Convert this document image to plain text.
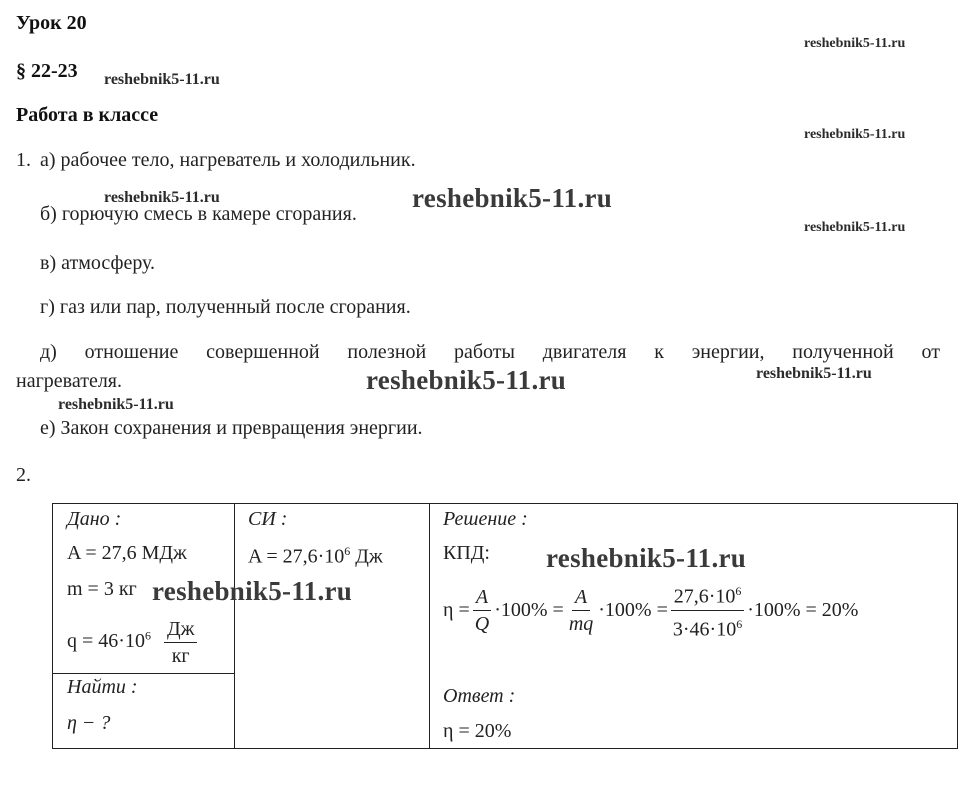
Урок 20
§ 22-23
Работа в классе
reshebnik5-11.ru
reshebnik5-11.ru
reshebnik5-11.ru
reshebnik5-11.ru	reshebnik5-11.ru
reshebnik5-11.ru
reshebnik5-11.ru	reshebnik5-11.ru
reshebnik5-11.ru
1. а) рабочее тело, нагреватель и холодильник.
б) горючую смесь в камере сгорания.
в) атмосферу.
г) газ или пар, полученный после сгорания.
д) отношение совершенной полезной работы двигателя к энергии, полученной от
нагревателя.
е) Закон сохранения и превращения энергии.
2.
Дано :
A = 27,6 МДж
m = 3 кг
$q = 46\cdot 10^6 \frac{Дж}{кг}$
Найти :
η − ?
СИ :
$A = 27,6\cdot 10^6$ Дж
Решение :
КПД:
$\eta = \frac{A}{Q} \cdot 100\% = \frac{A}{mq} \cdot 100\% = \frac{27,6\cdot 10^6}{3\cdot 46\cdot 10^6} \cdot 100\% = 20\%$
Ответ :
η = 20%
reshebnik5-11.ru
reshebnik5-11.ru
